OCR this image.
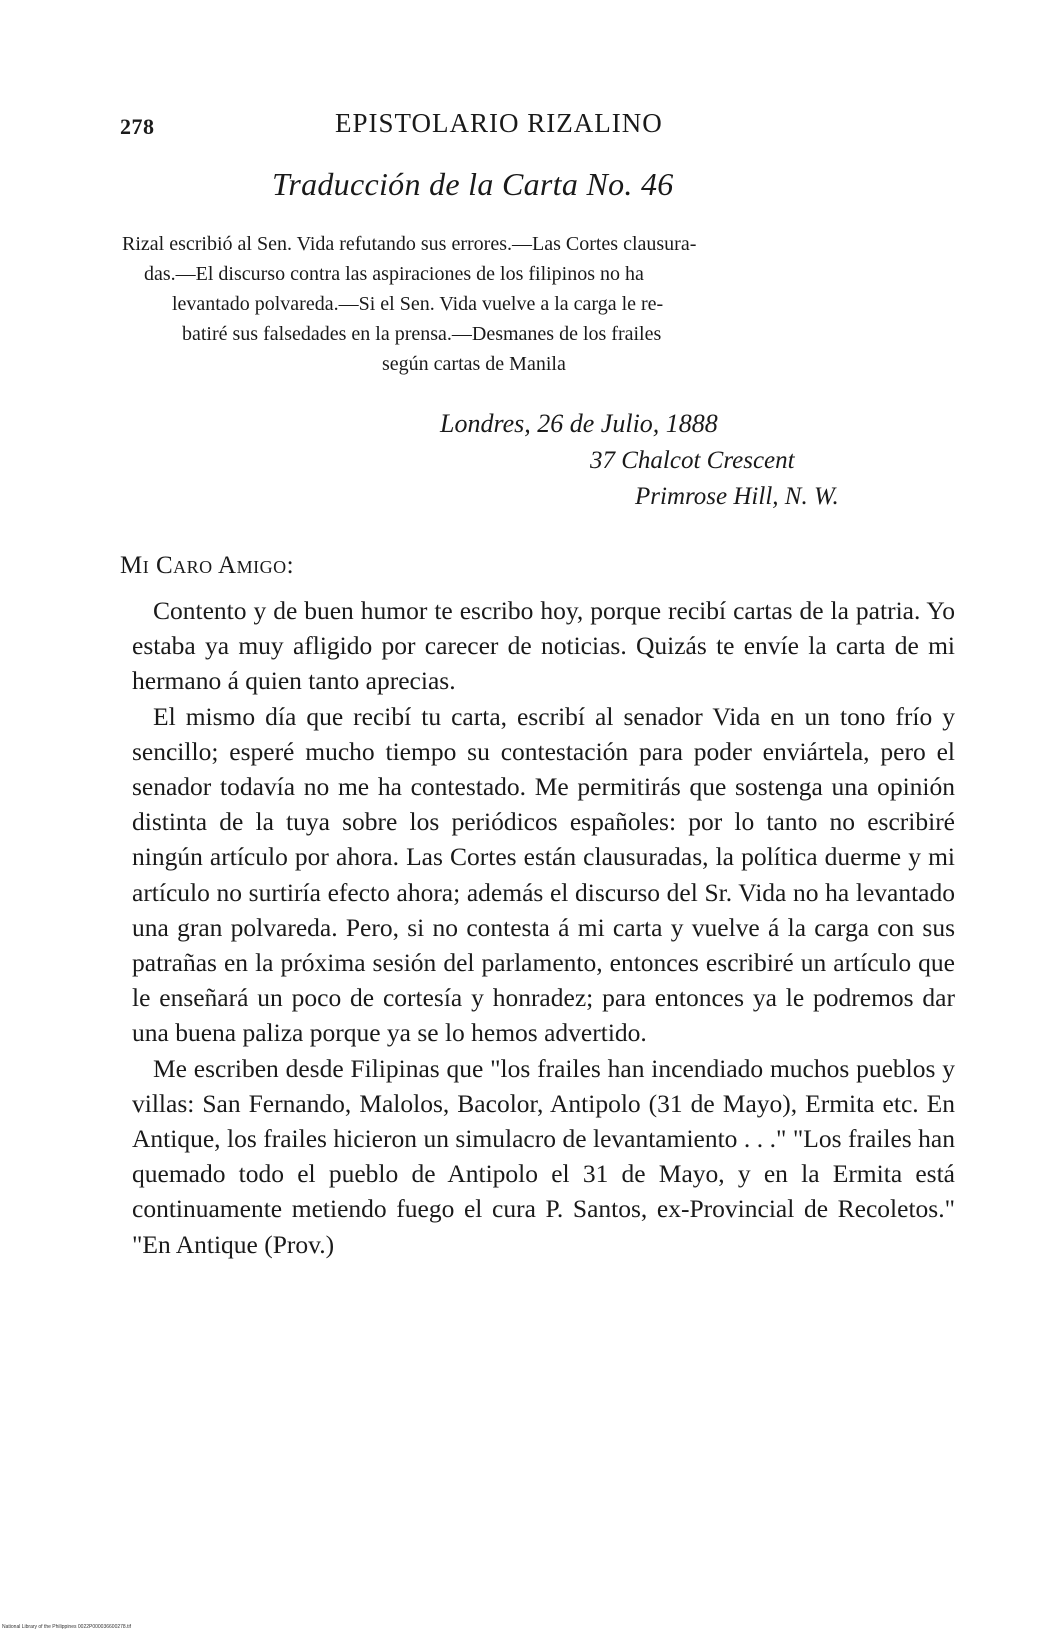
278	EPISTOLARIO RIZALINO
Traducción de la Carta No. 46
Rizal escribió al Sen. Vida refutando sus errores.—Las Cortes clausura-
das.—El discurso contra las aspiraciones de los filipinos no ha
levantado polvareda.—Si el Sen. Vida vuelve a la carga le re-
batiré sus falsedades en la prensa.—Desmanes de los frailes
según cartas de Manila
Londres, 26 de Julio, 1888
37 Chalcot Crescent
Primrose Hill, N. W.
Mi Caro Amigo:

Contento y de buen humor te escribo hoy, porque recibí cartas de la patria. Yo estaba ya muy afligido por carecer de noticias. Quizás te envíe la carta de mi hermano á quien tanto aprecias.

El mismo día que recibí tu carta, escribí al senador Vida en un tono frío y sencillo; esperé mucho tiempo su contestación para poder enviártela, pero el senador todavía no me ha contestado. Me permitirás que sostenga una opinión distinta de la tuya sobre los periódicos españoles: por lo tanto no escribiré ningún artículo por ahora. Las Cortes están clausuradas, la política duerme y mi artículo no surtiría efecto ahora; además el discurso del Sr. Vida no ha levantado una gran polvareda. Pero, si no contesta á mi carta y vuelve á la carga con sus patrañas en la próxima sesión del parlamento, entonces escribiré un artículo que le enseñará un poco de cortesía y honradez; para entonces ya le podremos dar una buena paliza porque ya se lo hemos advertido.

Me escriben desde Filipinas que "los frailes han incendiado muchos pueblos y villas: San Fernando, Malolos, Bacolor, Antipolo (31 de Mayo), Ermita etc. En Antique, los frailes hicieron un simulacro de levantamiento . . ." "Los frailes han quemado todo el pueblo de Antipolo el 31 de Mayo, y en la Ermita está continuamente metiendo fuego el cura P. Santos, ex-Provincial de Recoletos." "En Antique (Prov.)

National Library of the Philippines 0022P000036600278.tif
